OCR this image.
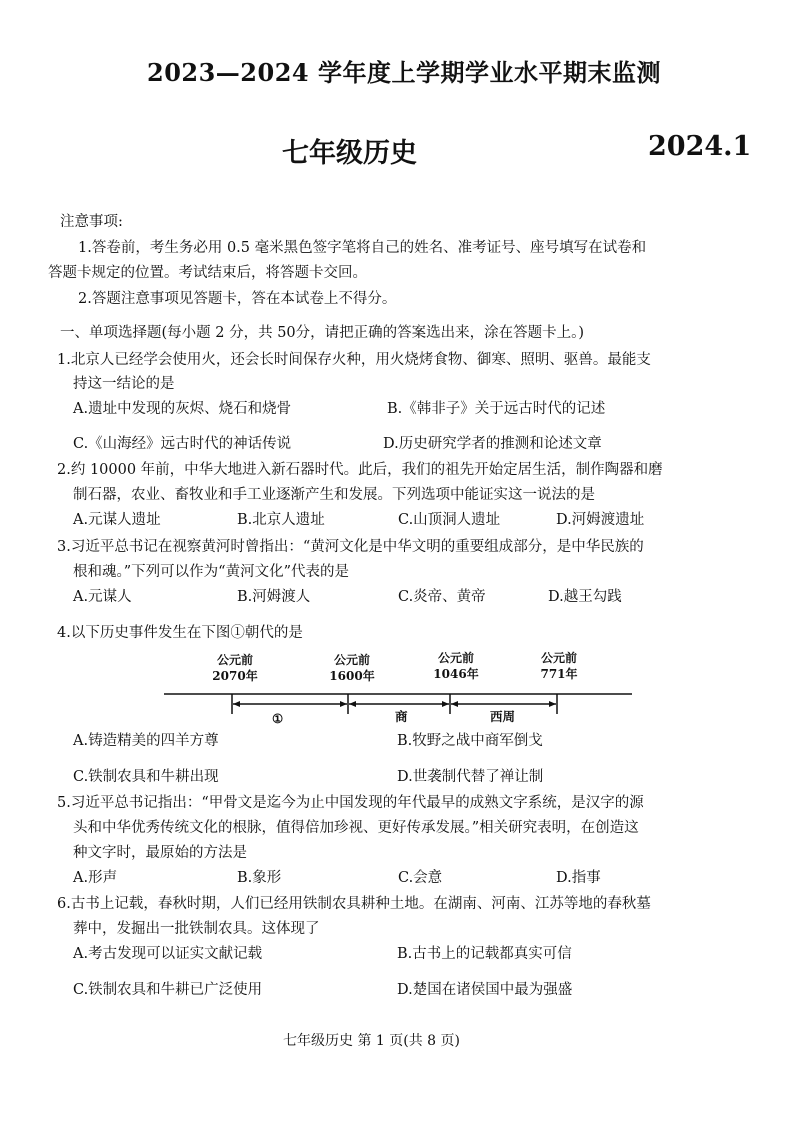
2023—2024 学年度上学期学业水平期末监测
七年级历史	2024.1
注意事项:
1.答卷前，考生务必用 0.5 毫米黑色签字笔将自己的姓名、准考证号、座号填写在试卷和
答题卡规定的位置。考试结束后，将答题卡交回。
2.答题注意事项见答题卡，答在本试卷上不得分。
一、单项选择题(每小题 2 分，共 50分，请把正确的答案选出来，涂在答题卡上。)
1.北京人已经学会使用火，还会长时间保存火种，用火烧烤食物、御寒、照明、驱兽。最能支
持这一结论的是
A.遗址中发现的灰烬、烧石和烧骨	B.《韩非子》关于远古时代的记述
C.《山海经》远古时代的神话传说	D.历史研究学者的推测和论述文章
2.约 10000 年前，中华大地进入新石器时代。此后，我们的祖先开始定居生活，制作陶器和磨
制石器，农业、畜牧业和手工业逐渐产生和发展。下列选项中能证实这一说法的是
A.元谋人遗址	B.北京人遗址	C.山顶洞人遗址	D.河姆渡遗址
3.习近平总书记在视察黄河时曾指出：“黄河文化是中华文明的重要组成部分，是中华民族的
根和魂。”下列可以作为“黄河文化”代表的是
A.元谋人	B.河姆渡人	C.炎帝、黄帝	D.越王勾践
4.以下历史事件发生在下图①朝代的是
公元前
2070年
公元前
1600年
公元前
1046年
公元前
771年
①	商	西周
A.铸造精美的四羊方尊	B.牧野之战中商军倒戈
C.铁制农具和牛耕出现	D.世袭制代替了禅让制
5.习近平总书记指出：“甲骨文是迄今为止中国发现的年代最早的成熟文字系统，是汉字的源
头和中华优秀传统文化的根脉，值得倍加珍视、更好传承发展。”相关研究表明，在创造这
种文字时，最原始的方法是
A.形声	B.象形	C.会意	D.指事
6.古书上记载，春秋时期，人们已经用铁制农具耕种土地。在湖南、河南、江苏等地的春秋墓
葬中，发掘出一批铁制农具。这体现了
A.考古发现可以证实文献记载	B.古书上的记载都真实可信
C.铁制农具和牛耕已广泛使用	D.楚国在诸侯国中最为强盛
七年级历史 第 1 页(共 8 页)
